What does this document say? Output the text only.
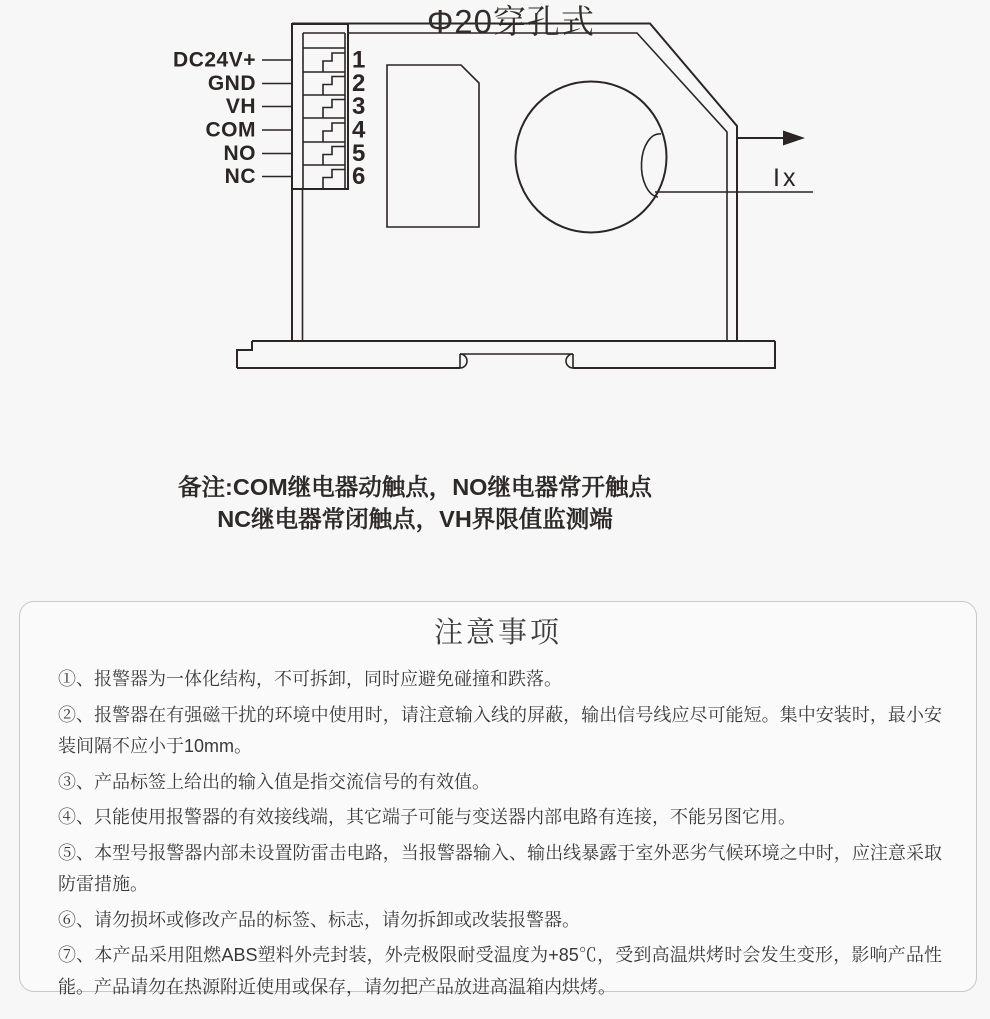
DC24V+	1
GND	2
VH	3
COM	4
NO	5
NC	6	Ix
Φ20穿孔式
备注:COM继电器动触点，NO继电器常开触点
NC继电器常闭触点，VH界限值监测端
注意事项

①、报警器为一体化结构，不可拆卸，同时应避免碰撞和跌落。

②、报警器在有强磁干扰的环境中使用时，请注意输入线的屏蔽，输出信号线应尽可能短。集中安装时，最小安装间隔不应小于10mm。

③、产品标签上给出的输入值是指交流信号的有效值。

④、只能使用报警器的有效接线端，其它端子可能与变送器内部电路有连接，不能另图它用。

⑤、本型号报警器内部未设置防雷击电路，当报警器输入、输出线暴露于室外恶劣气候环境之中时，应注意采取防雷措施。

⑥、请勿损坏或修改产品的标签、标志，请勿拆卸或改装报警器。

⑦、本产品采用阻燃ABS塑料外壳封装，外壳极限耐受温度为+85℃，受到高温烘烤时会发生变形，影响产品性能。产品请勿在热源附近使用或保存，请勿把产品放进高温箱内烘烤。
